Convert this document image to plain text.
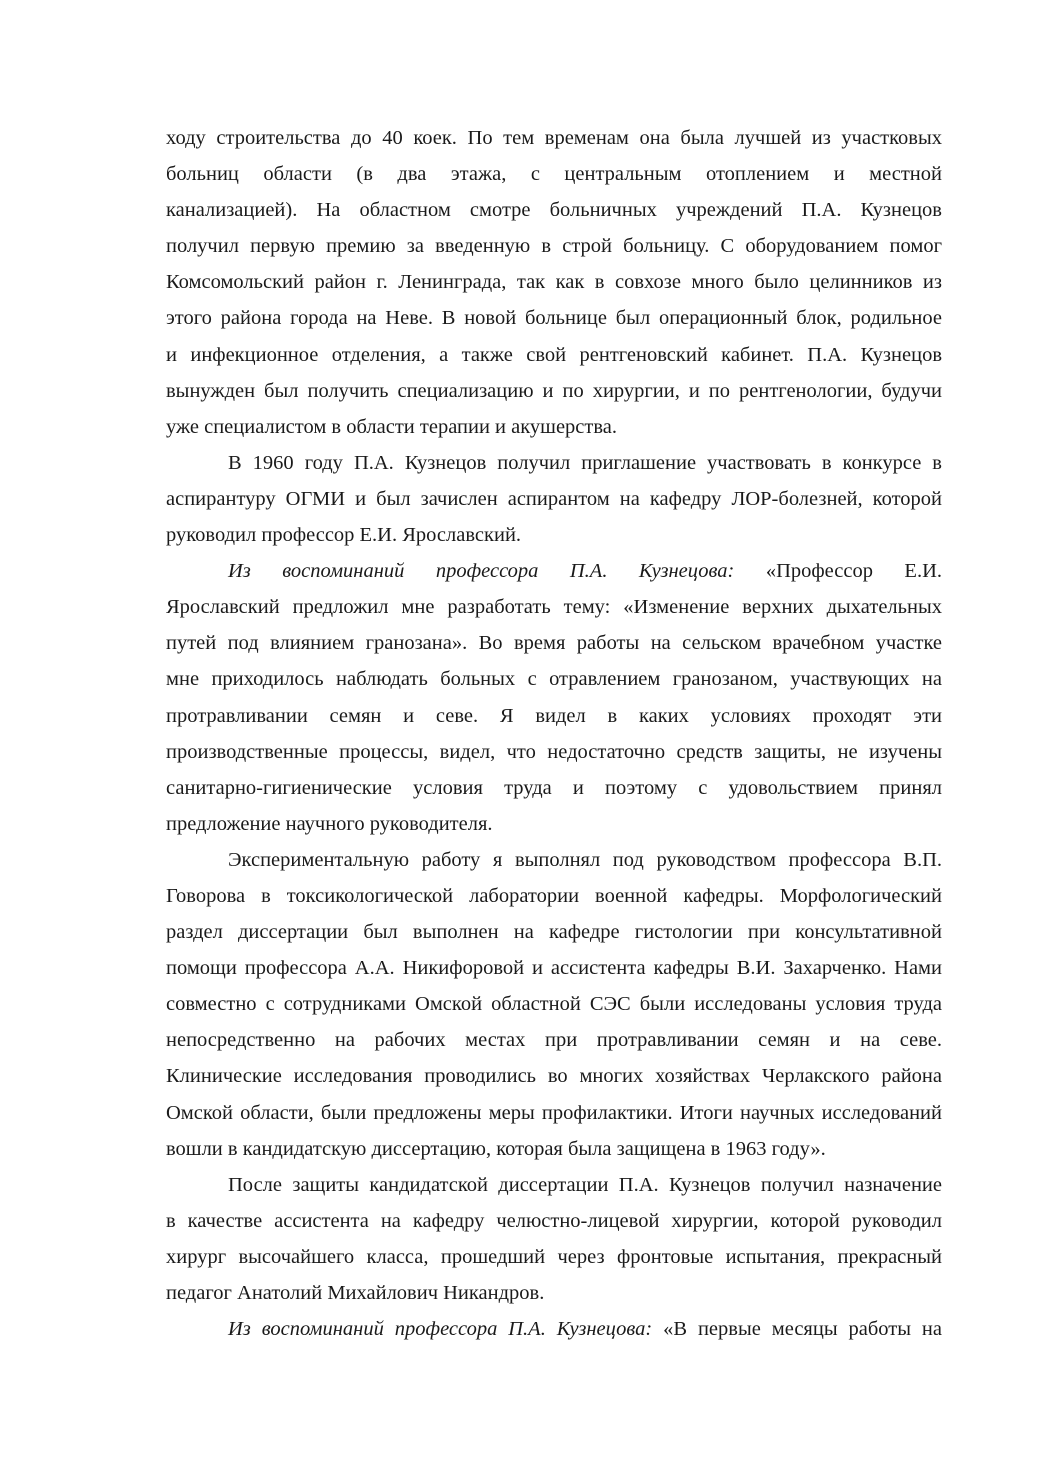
ходу строительства до 40 коек. По тем временам она была лучшей из участковых
больниц области (в два этажа, с центральным отоплением и местной
канализацией). На областном смотре больничных учреждений П.А. Кузнецов
получил первую премию за введенную в строй больницу. С оборудованием помог
Комсомольский район г. Ленинграда, так как в совхозе много было целинников из
этого района города на Неве. В новой больнице был операционный блок, родильное
и инфекционное отделения, а также свой рентгеновский кабинет. П.А. Кузнецов
вынужден был получить специализацию и по хирургии, и по рентгенологии, будучи
уже специалистом в области терапии и акушерства.
В 1960 году П.А. Кузнецов получил приглашение участвовать в конкурсе в
аспирантуру ОГМИ и был зачислен аспирантом на кафедру ЛОР-болезней, которой
руководил профессор Е.И. Ярославский.
Из воспоминаний профессора П.А. Кузнецова: «Профессор Е.И.
Ярославский предложил мне разработать тему: «Изменение верхних дыхательных
путей под влиянием гранозана». Во время работы на сельском врачебном участке
мне приходилось наблюдать больных с отравлением гранозаном, участвующих на
протравливании семян и севе. Я видел в каких условиях проходят эти
производственные процессы, видел, что недостаточно средств защиты, не изучены
санитарно-гигиенические условия труда и поэтому с удовольствием принял
предложение научного руководителя.
Экспериментальную работу я выполнял под руководством профессора В.П.
Говорова в токсикологической лаборатории военной кафедры. Морфологический
раздел диссертации был выполнен на кафедре гистологии при консультативной
помощи профессора А.А. Никифоровой и ассистента кафедры В.И. Захарченко. Нами
совместно с сотрудниками Омской областной СЭС были исследованы условия труда
непосредственно на рабочих местах при протравливании семян и на севе.
Клинические исследования проводились во многих хозяйствах Черлакского района
Омской области, были предложены меры профилактики. Итоги научных исследований
вошли в кандидатскую диссертацию, которая была защищена в 1963 году».
После защиты кандидатской диссертации П.А. Кузнецов получил назначение
в качестве ассистента на кафедру челюстно-лицевой хирургии, которой руководил
хирург высочайшего класса, прошедший через фронтовые испытания, прекрасный
педагог Анатолий Михайлович Никандров.
Из воспоминаний профессора П.А. Кузнецова: «В первые месяцы работы на
